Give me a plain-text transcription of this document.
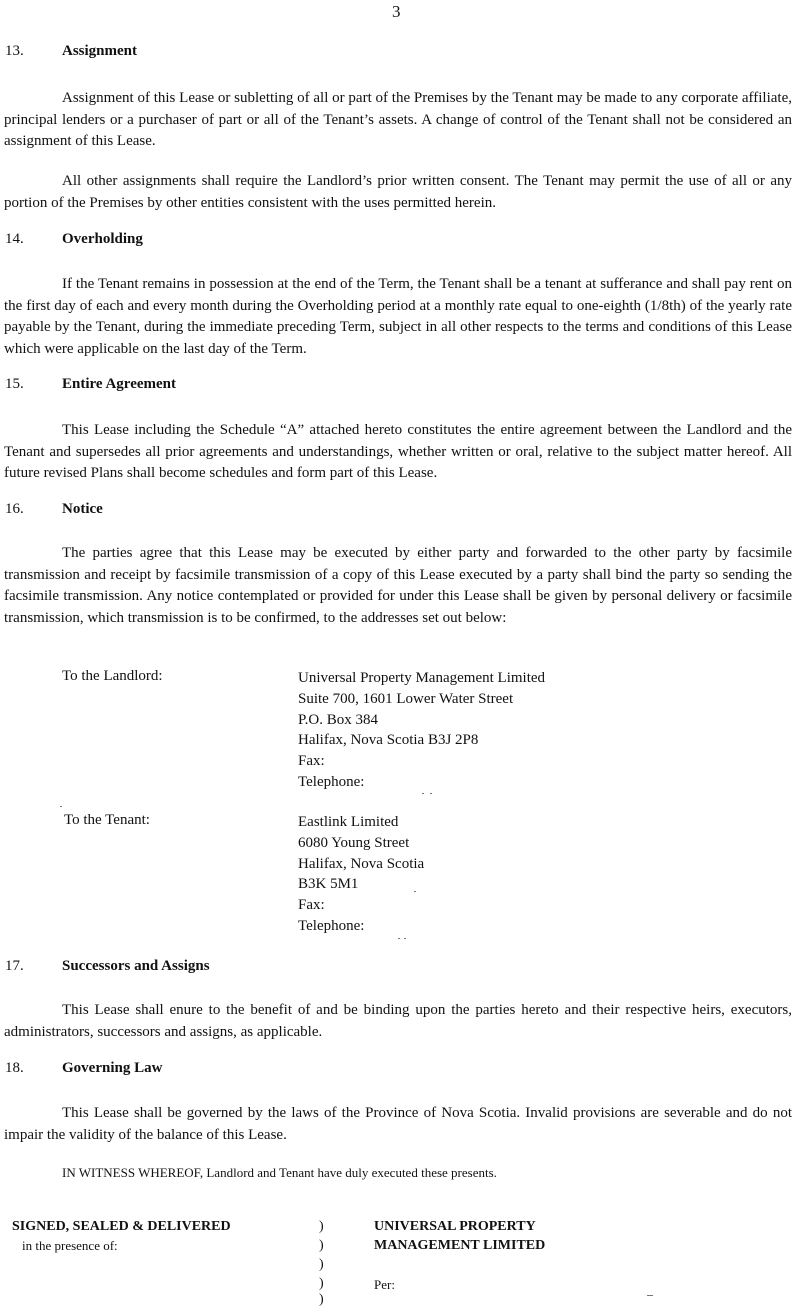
3
13.	Assignment

Assignment of this Lease or subletting of all or part of the Premises by the Tenant may be made to any corporate affiliate, principal lenders or a purchaser of part or all of the Tenant’s assets. A change of control of the Tenant shall not be considered an assignment of this Lease.

All other assignments shall require the Landlord’s prior written consent. The Tenant may permit the use of all or any portion of the Premises by other entities consistent with the uses permitted herein.

14.	Overholding

If the Tenant remains in possession at the end of the Term, the Tenant shall be a tenant at sufferance and shall pay rent on the first day of each and every month during the Overholding period at a monthly rate equal to one-eighth (1/8th) of the yearly rate payable by the Tenant, during the immediate preceding Term, subject in all other respects to the terms and conditions of this Lease which were applicable on the last day of the Term.

15.	Entire Agreement

This Lease including the Schedule “A” attached hereto constitutes the entire agreement between the Landlord and the Tenant and supersedes all prior agreements and understandings, whether written or oral, relative to the subject matter hereof. All future revised Plans shall become schedules and form part of this Lease.

16.	Notice

The parties agree that this Lease may be executed by either party and forwarded to the other party by facsimile transmission and receipt by facsimile transmission of a copy of this Lease executed by a party shall bind the party so sending the facsimile transmission. Any notice contemplated or provided for under this Lease shall be given by personal delivery or facsimile transmission, which transmission is to be confirmed, to the addresses set out below:

To the Landlord:	Universal Property Management Limited
Suite 700, 1601 Lower Water Street
P.O. Box 384
Halifax, Nova Scotia B3J 2P8
Fax:
Telephone:
To the Tenant:	Eastlink Limited
6080 Young Street
Halifax, Nova Scotia
B3K 5M1
Fax:
Telephone:
17.	Successors and Assigns

This Lease shall enure to the benefit of and be binding upon the parties hereto and their respective heirs, executors, administrators, successors and assigns, as applicable.

18.	Governing Law

This Lease shall be governed by the laws of the Province of Nova Scotia. Invalid provisions are severable and do not impair the validity of the balance of this Lease.

IN WITNESS WHEREOF, Landlord and Tenant have duly executed these presents.
SIGNED, SEALED & DELIVERED
in the presence of:
)
)
)
)
)
UNIVERSAL PROPERTY
MANAGEMENT LIMITED
Per:
